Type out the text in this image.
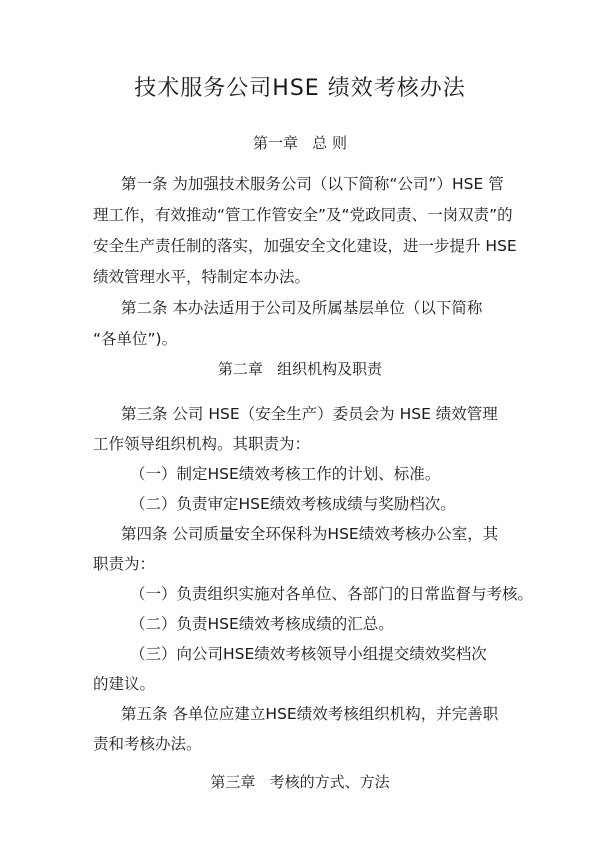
技术服务公司HSE 绩效考核办法
第一章   总 则

第一条 为加强技术服务公司（以下简称“公司”）HSE 管

理工作，有效推动“管工作管安全”及“党政同责、一岗双责”的

安全生产责任制的落实，加强安全文化建设，进一步提升 HSE

绩效管理水平，特制定本办法。

第二条 本办法适用于公司及所属基层单位（以下简称

“各单位”)。

第二章   组织机构及职责

第三条 公司 HSE（安全生产）委员会为 HSE 绩效管理

工作领导组织机构。其职责为：

（一）制定HSE绩效考核工作的计划、标准。

（二）负责审定HSE绩效考核成绩与奖励档次。

第四条 公司质量安全环保科为HSE绩效考核办公室，其

职责为：

（一）负责组织实施对各单位、各部门的日常监督与考核。

（二）负责HSE绩效考核成绩的汇总。

（三）向公司HSE绩效考核领导小组提交绩效奖档次

的建议。

第五条 各单位应建立HSE绩效考核组织机构，并完善职

责和考核办法。

第三章   考核的方式、方法
